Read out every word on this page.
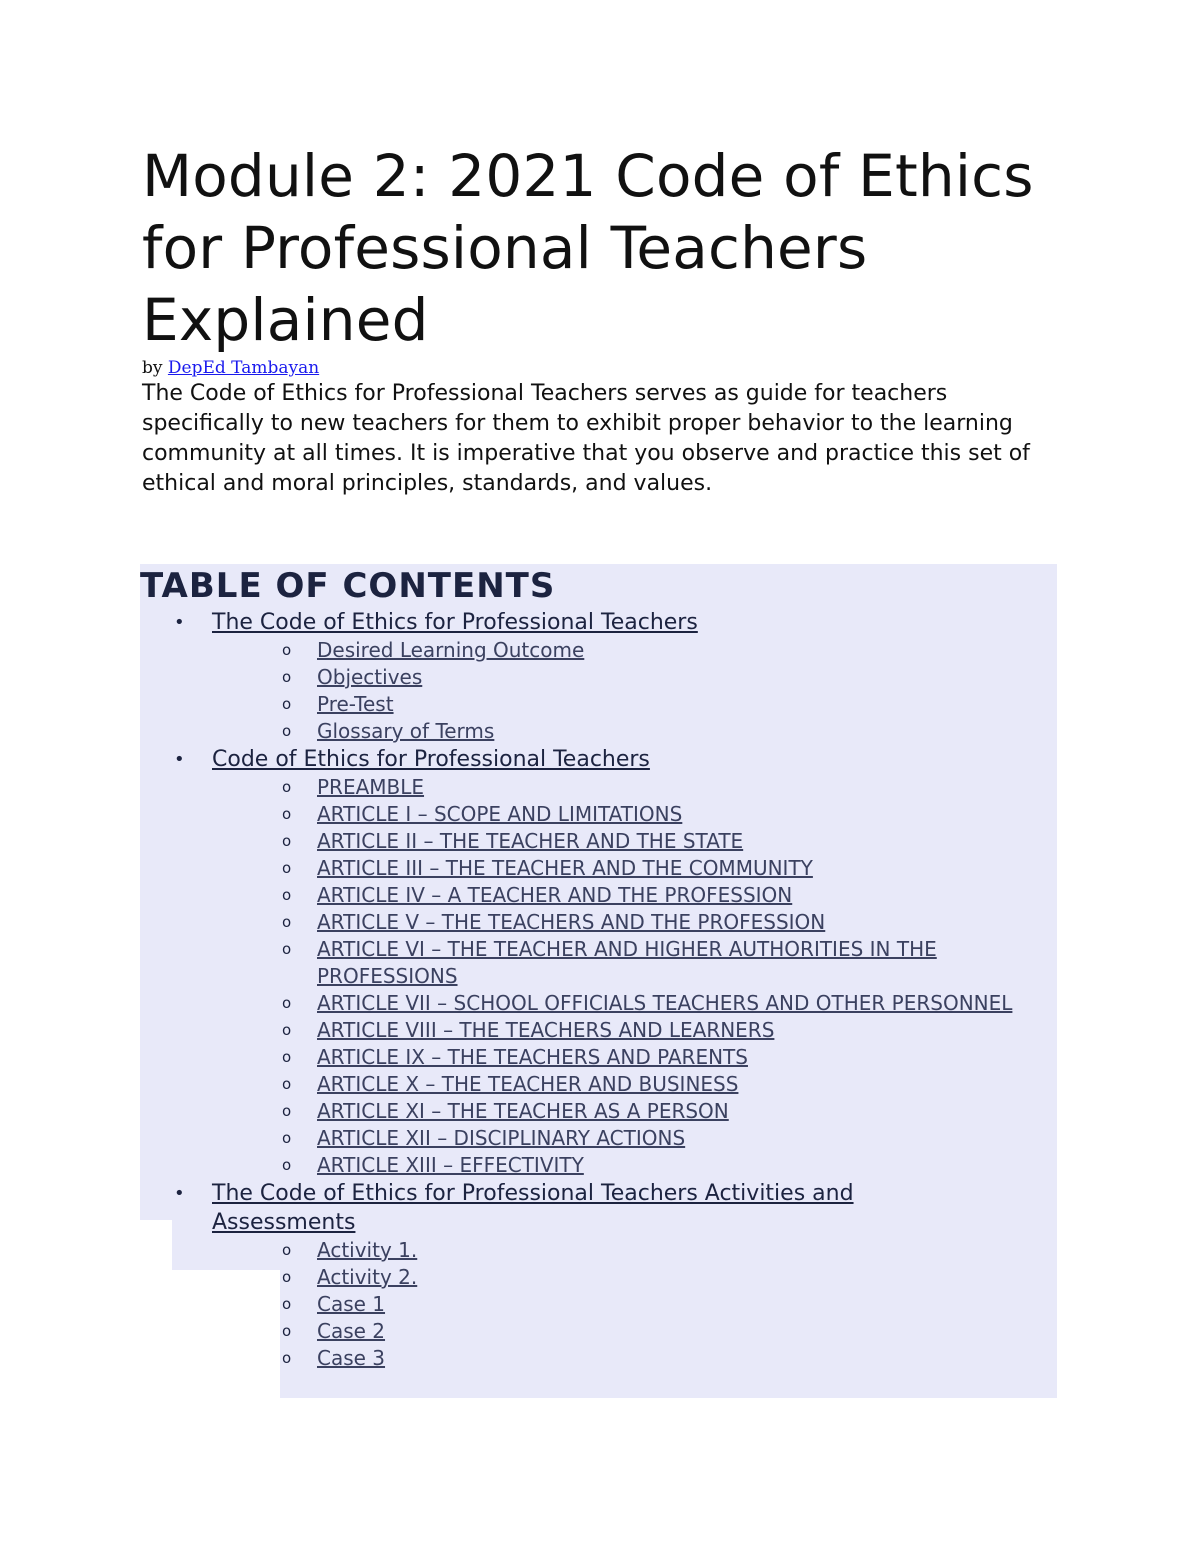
Module 2: 2021 Code of Ethics for Professional Teachers Explained
by DepEd Tambayan

The Code of Ethics for Professional Teachers serves as guide for teachers specifically to new teachers for them to exhibit proper behavior to the learning community at all times. It is imperative that you observe and practice this set of ethical and moral principles, standards, and values.

TABLE OF CONTENTS
• The Code of Ethics for Professional Teachers
o Desired Learning Outcome
o Objectives
o Pre-Test
o Glossary of Terms
• Code of Ethics for Professional Teachers
o PREAMBLE
o ARTICLE I – SCOPE AND LIMITATIONS
o ARTICLE II – THE TEACHER AND THE STATE
o ARTICLE III – THE TEACHER AND THE COMMUNITY
o ARTICLE IV – A TEACHER AND THE PROFESSION
o ARTICLE V – THE TEACHERS AND THE PROFESSION
o ARTICLE VI – THE TEACHER AND HIGHER AUTHORITIES IN THE PROFESSIONS
o ARTICLE VII – SCHOOL OFFICIALS TEACHERS AND OTHER PERSONNEL
o ARTICLE VIII – THE TEACHERS AND LEARNERS
o ARTICLE IX – THE TEACHERS AND PARENTS
o ARTICLE X – THE TEACHER AND BUSINESS
o ARTICLE XI – THE TEACHER AS A PERSON
o ARTICLE XII – DISCIPLINARY ACTIONS
o ARTICLE XIII – EFFECTIVITY
• The Code of Ethics for Professional Teachers Activities and Assessments
o Activity 1.
o Activity 2.
o Case 1
o Case 2
o Case 3
